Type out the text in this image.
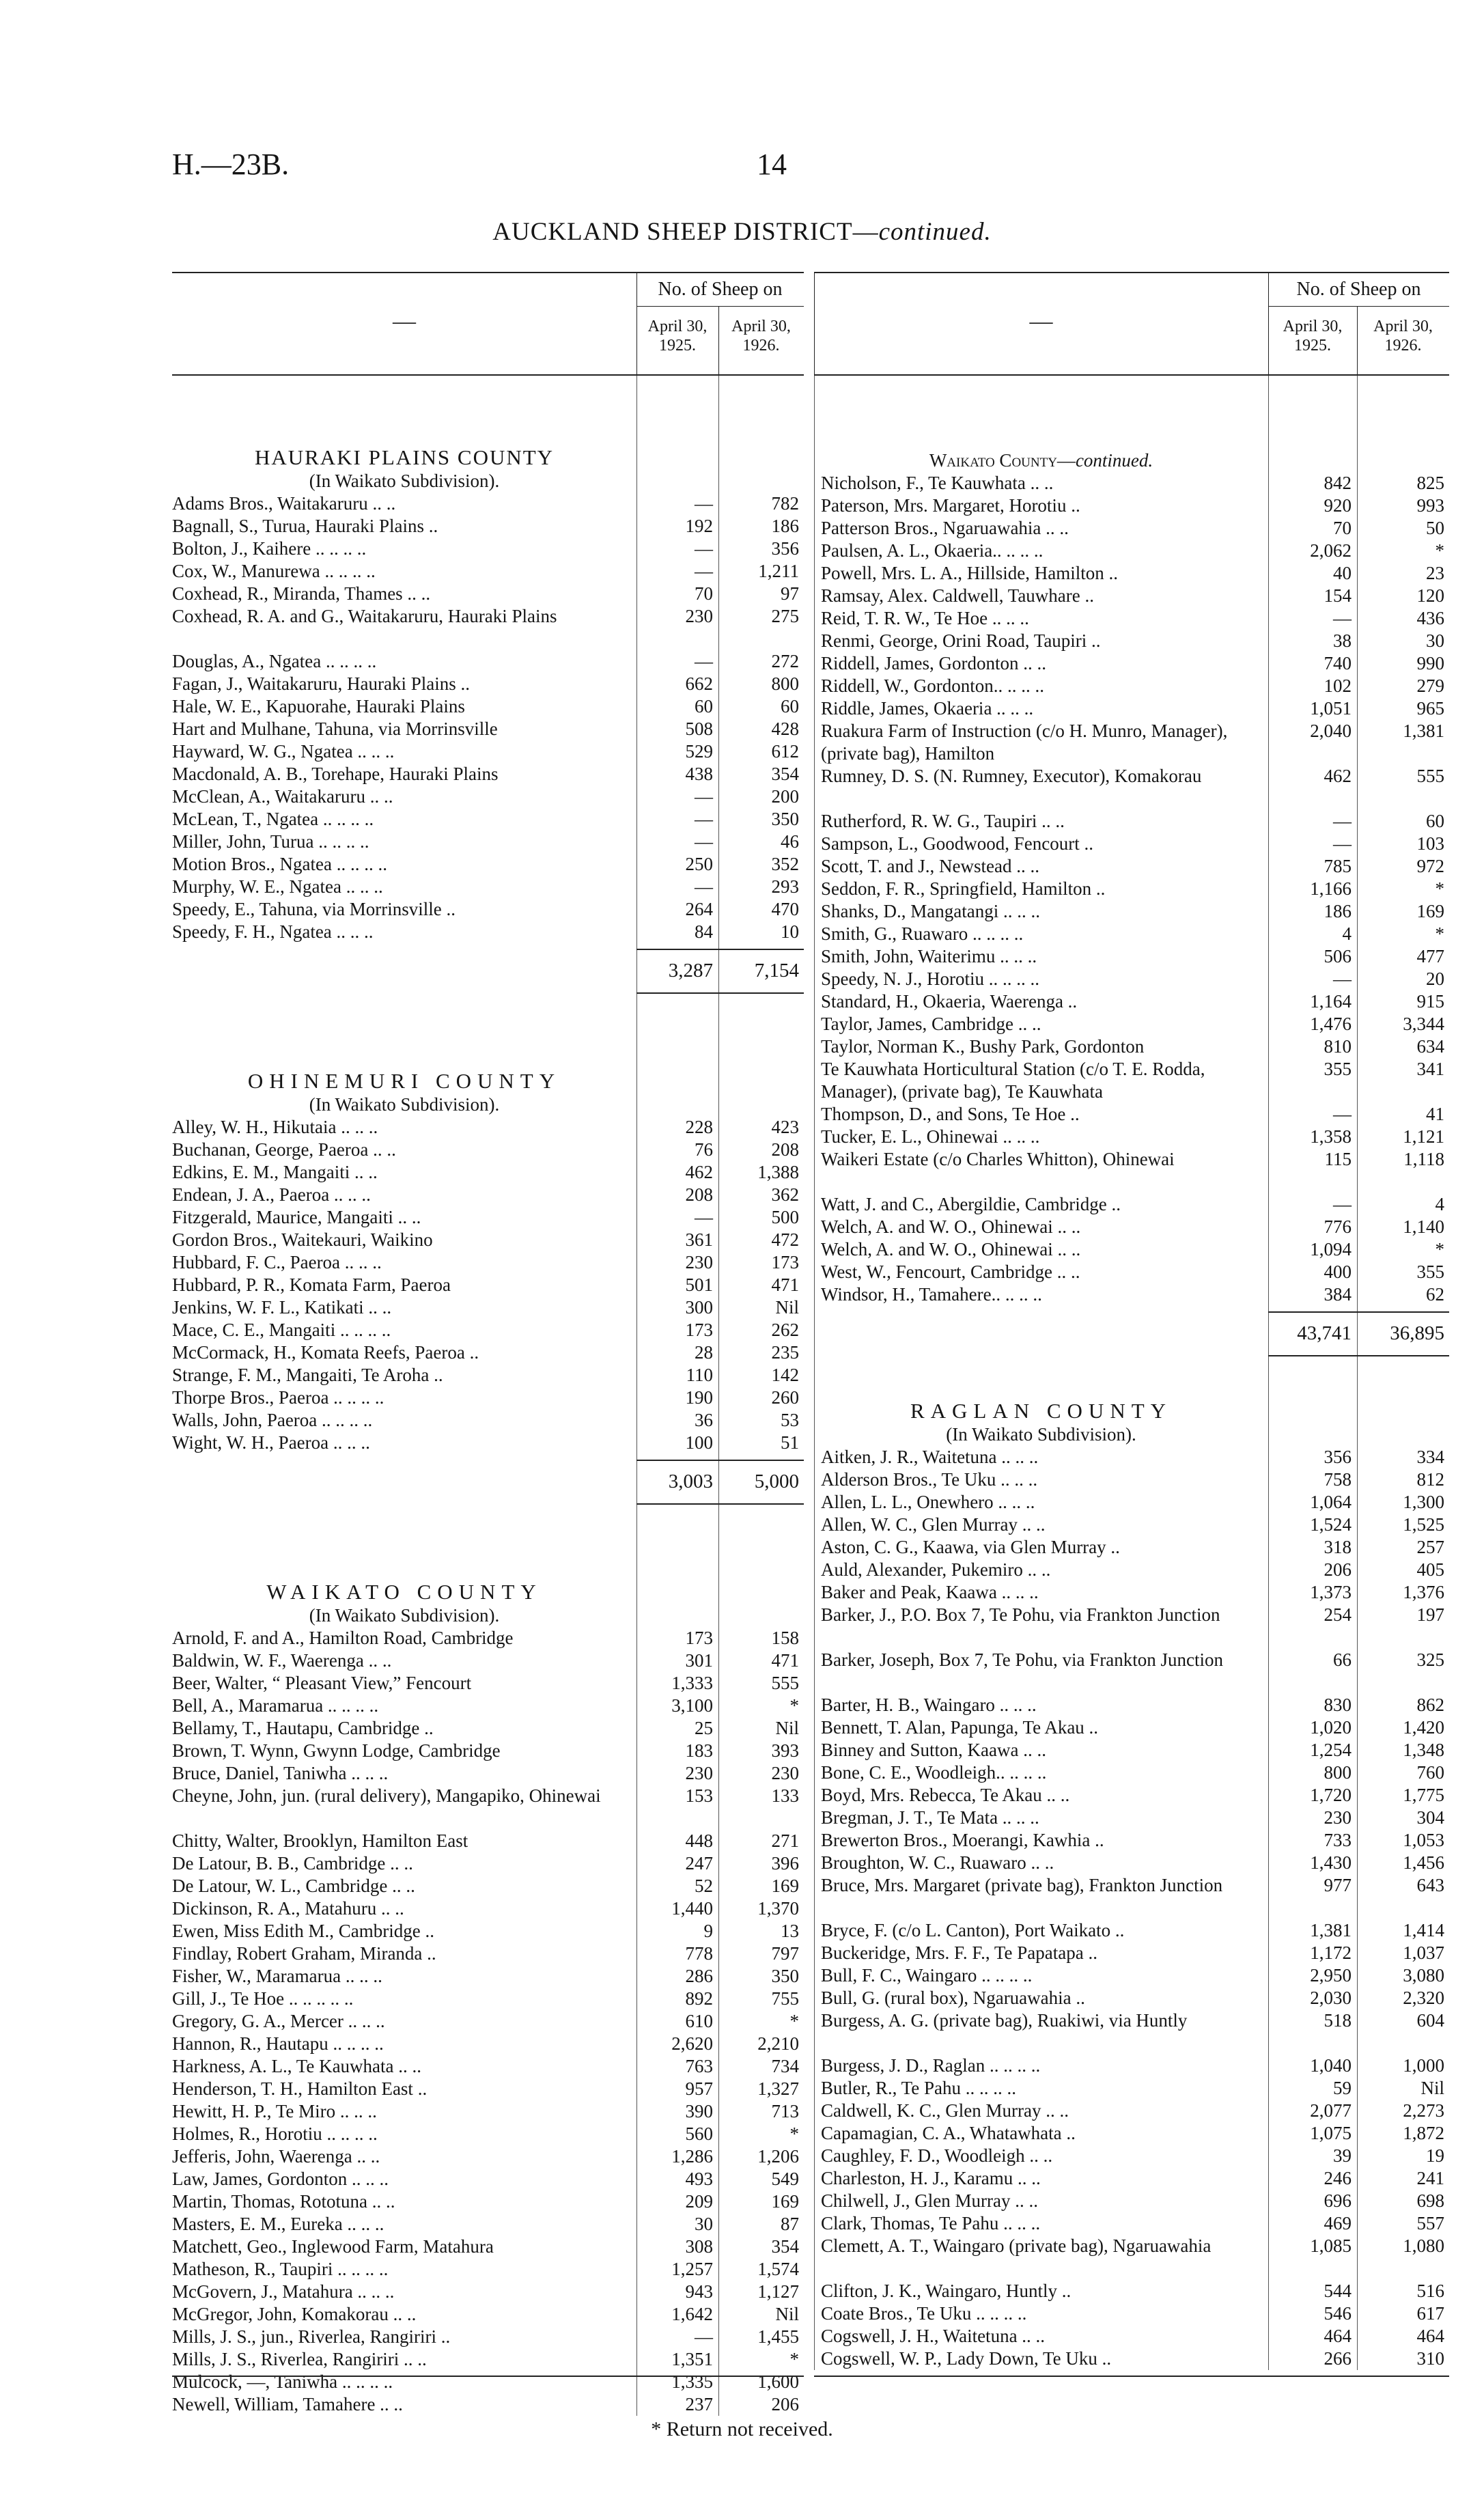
H.—23B.	14
AUCKLAND SHEEP DISTRICT—continued.
—
No. of Sheep on
April 30, 1925.
April 30, 1926.
HAURAKI PLAINS COUNTY
(In Waikato Subdivision).
Adams Bros., Waitakaruru .. ..	—	782
Bagnall, S., Turua, Hauraki Plains ..	192	186
Bolton, J., Kaihere .. .. .. ..	—	356
Cox, W., Manurewa .. .. .. ..	—	1,211
Coxhead, R., Miranda, Thames .. ..	70	97
Coxhead, R. A. and G., Waitakaruru, Hauraki Plains	230	275
Douglas, A., Ngatea .. .. .. ..	—	272
Fagan, J., Waitakaruru, Hauraki Plains ..	662	800
Hale, W. E., Kapuorahe, Hauraki Plains	60	60
Hart and Mulhane, Tahuna, via Morrinsville	508	428
Hayward, W. G., Ngatea .. .. ..	529	612
Macdonald, A. B., Torehape, Hauraki Plains	438	354
McClean, A., Waitakaruru .. ..	—	200
McLean, T., Ngatea .. .. .. ..	—	350
Miller, John, Turua .. .. .. ..	—	46
Motion Bros., Ngatea .. .. .. ..	250	352
Murphy, W. E., Ngatea .. .. ..	—	293
Speedy, E., Tahuna, via Morrinsville ..	264	470
Speedy, F. H., Ngatea .. .. ..	84	10
3,287	7,154
OHINEMURI COUNTY
(In Waikato Subdivision).
Alley, W. H., Hikutaia .. .. ..	228	423
Buchanan, George, Paeroa .. ..	76	208
Edkins, E. M., Mangaiti .. ..	462	1,388
Endean, J. A., Paeroa .. .. ..	208	362
Fitzgerald, Maurice, Mangaiti .. ..	—	500
Gordon Bros., Waitekauri, Waikino	361	472
Hubbard, F. C., Paeroa .. .. ..	230	173
Hubbard, P. R., Komata Farm, Paeroa	501	471
Jenkins, W. F. L., Katikati .. ..	300	Nil
Mace, C. E., Mangaiti .. .. .. ..	173	262
McCormack, H., Komata Reefs, Paeroa ..	28	235
Strange, F. M., Mangaiti, Te Aroha ..	110	142
Thorpe Bros., Paeroa .. .. .. ..	190	260
Walls, John, Paeroa .. .. .. ..	36	53
Wight, W. H., Paeroa .. .. ..	100	51
3,003	5,000
WAIKATO COUNTY
(In Waikato Subdivision).
Arnold, F. and A., Hamilton Road, Cambridge	173	158
Baldwin, W. F., Waerenga .. ..	301	471
Beer, Walter, “ Pleasant View,” Fencourt	1,333	555
Bell, A., Maramarua .. .. .. ..	3,100	*
Bellamy, T., Hautapu, Cambridge ..	25	Nil
Brown, T. Wynn, Gwynn Lodge, Cambridge	183	393
Bruce, Daniel, Taniwha .. .. ..	230	230
Cheyne, John, jun. (rural delivery), Mangapiko, Ohinewai	153	133
Chitty, Walter, Brooklyn, Hamilton East	448	271
De Latour, B. B., Cambridge .. ..	247	396
De Latour, W. L., Cambridge .. ..	52	169
Dickinson, R. A., Matahuru .. ..	1,440	1,370
Ewen, Miss Edith M., Cambridge ..	9	13
Findlay, Robert Graham, Miranda ..	778	797
Fisher, W., Maramarua .. .. ..	286	350
Gill, J., Te Hoe .. .. .. .. ..	892	755
Gregory, G. A., Mercer .. .. ..	610	*
Hannon, R., Hautapu .. .. .. ..	2,620	2,210
Harkness, A. L., Te Kauwhata .. ..	763	734
Henderson, T. H., Hamilton East ..	957	1,327
Hewitt, H. P., Te Miro .. .. ..	390	713
Holmes, R., Horotiu .. .. .. ..	560	*
Jefferis, John, Waerenga .. ..	1,286	1,206
Law, James, Gordonton .. .. ..	493	549
Martin, Thomas, Rototuna .. ..	209	169
Masters, E. M., Eureka .. .. ..	30	87
Matchett, Geo., Inglewood Farm, Matahura	308	354
Matheson, R., Taupiri .. .. .. ..	1,257	1,574
McGovern, J., Matahura .. .. ..	943	1,127
McGregor, John, Komakorau .. ..	1,642	Nil
Mills, J. S., jun., Riverlea, Rangiriri ..	—	1,455
Mills, J. S., Riverlea, Rangiriri .. ..	1,351	*
Mulcock, —, Taniwha .. .. .. ..	1,335	1,600
Newell, William, Tamahere .. ..	237	206
—
No. of Sheep on
April 30, 1925.
April 30, 1926.
Waikato County—continued.
Nicholson, F., Te Kauwhata .. ..	842	825
Paterson, Mrs. Margaret, Horotiu ..	920	993
Patterson Bros., Ngaruawahia .. ..	70	50
Paulsen, A. L., Okaeria.. .. .. ..	2,062	*
Powell, Mrs. L. A., Hillside, Hamilton ..	40	23
Ramsay, Alex. Caldwell, Tauwhare ..	154	120
Reid, T. R. W., Te Hoe .. .. ..	—	436
Renmi, George, Orini Road, Taupiri ..	38	30
Riddell, James, Gordonton .. ..	740	990
Riddell, W., Gordonton.. .. .. ..	102	279
Riddle, James, Okaeria .. .. ..	1,051	965
Ruakura Farm of Instruction (c/o H. Munro, Manager), (private bag), Hamilton
2,040	1,381
Rumney, D. S. (N. Rumney, Executor), Komakorau	462	555
Rutherford, R. W. G., Taupiri .. ..	—	60
Sampson, L., Goodwood, Fencourt ..	—	103
Scott, T. and J., Newstead .. ..	785	972
Seddon, F. R., Springfield, Hamilton ..	1,166	*
Shanks, D., Mangatangi .. .. ..	186	169
Smith, G., Ruawaro .. .. .. ..	4	*
Smith, John, Waiterimu .. .. ..	506	477
Speedy, N. J., Horotiu .. .. .. ..	—	20
Standard, H., Okaeria, Waerenga ..	1,164	915
Taylor, James, Cambridge .. ..	1,476	3,344
Taylor, Norman K., Bushy Park, Gordonton	810	634
Te Kauwhata Horticultural Station (c/o T. E. Rodda, Manager), (private bag), Te Kauwhata
355	341
Thompson, D., and Sons, Te Hoe ..	—	41
Tucker, E. L., Ohinewai .. .. ..	1,358	1,121
Waikeri Estate (c/o Charles Whitton), Ohinewai	115	1,118
Watt, J. and C., Abergildie, Cambridge ..	—	4
Welch, A. and W. O., Ohinewai .. ..	776	1,140
Welch, A. and W. O., Ohinewai .. ..	1,094	*
West, W., Fencourt, Cambridge .. ..	400	355
Windsor, H., Tamahere.. .. .. ..	384	62
43,741	36,895
RAGLAN COUNTY
(In Waikato Subdivision).
Aitken, J. R., Waitetuna .. .. ..	356	334
Alderson Bros., Te Uku .. .. ..	758	812
Allen, L. L., Onewhero .. .. ..	1,064	1,300
Allen, W. C., Glen Murray .. ..	1,524	1,525
Aston, C. G., Kaawa, via Glen Murray ..	318	257
Auld, Alexander, Pukemiro .. ..	206	405
Baker and Peak, Kaawa .. .. ..	1,373	1,376
Barker, J., P.O. Box 7, Te Pohu, via Frankton Junction	254	197
Barker, Joseph, Box 7, Te Pohu, via Frankton Junction	66	325
Barter, H. B., Waingaro .. .. ..	830	862
Bennett, T. Alan, Papunga, Te Akau ..	1,020	1,420
Binney and Sutton, Kaawa .. ..	1,254	1,348
Bone, C. E., Woodleigh.. .. .. ..	800	760
Boyd, Mrs. Rebecca, Te Akau .. ..	1,720	1,775
Bregman, J. T., Te Mata .. .. ..	230	304
Brewerton Bros., Moerangi, Kawhia ..	733	1,053
Broughton, W. C., Ruawaro .. ..	1,430	1,456
Bruce, Mrs. Margaret (private bag), Frankton Junction	977	643
Bryce, F. (c/o L. Canton), Port Waikato ..	1,381	1,414
Buckeridge, Mrs. F. F., Te Papatapa ..	1,172	1,037
Bull, F. C., Waingaro .. .. .. ..	2,950	3,080
Bull, G. (rural box), Ngaruawahia ..	2,030	2,320
Burgess, A. G. (private bag), Ruakiwi, via Huntly	518	604
Burgess, J. D., Raglan .. .. .. ..	1,040	1,000
Butler, R., Te Pahu .. .. .. ..	59	Nil
Caldwell, K. C., Glen Murray .. ..	2,077	2,273
Capamagian, C. A., Whatawhata ..	1,075	1,872
Caughley, F. D., Woodleigh .. ..	39	19
Charleston, H. J., Karamu .. ..	246	241
Chilwell, J., Glen Murray .. ..	696	698
Clark, Thomas, Te Pahu .. .. ..	469	557
Clemett, A. T., Waingaro (private bag), Ngaruawahia	1,085	1,080
Clifton, J. K., Waingaro, Huntly ..	544	516
Coate Bros., Te Uku .. .. .. ..	546	617
Cogswell, J. H., Waitetuna .. ..	464	464
Cogswell, W. P., Lady Down, Te Uku ..	266	310
* Return not received.
